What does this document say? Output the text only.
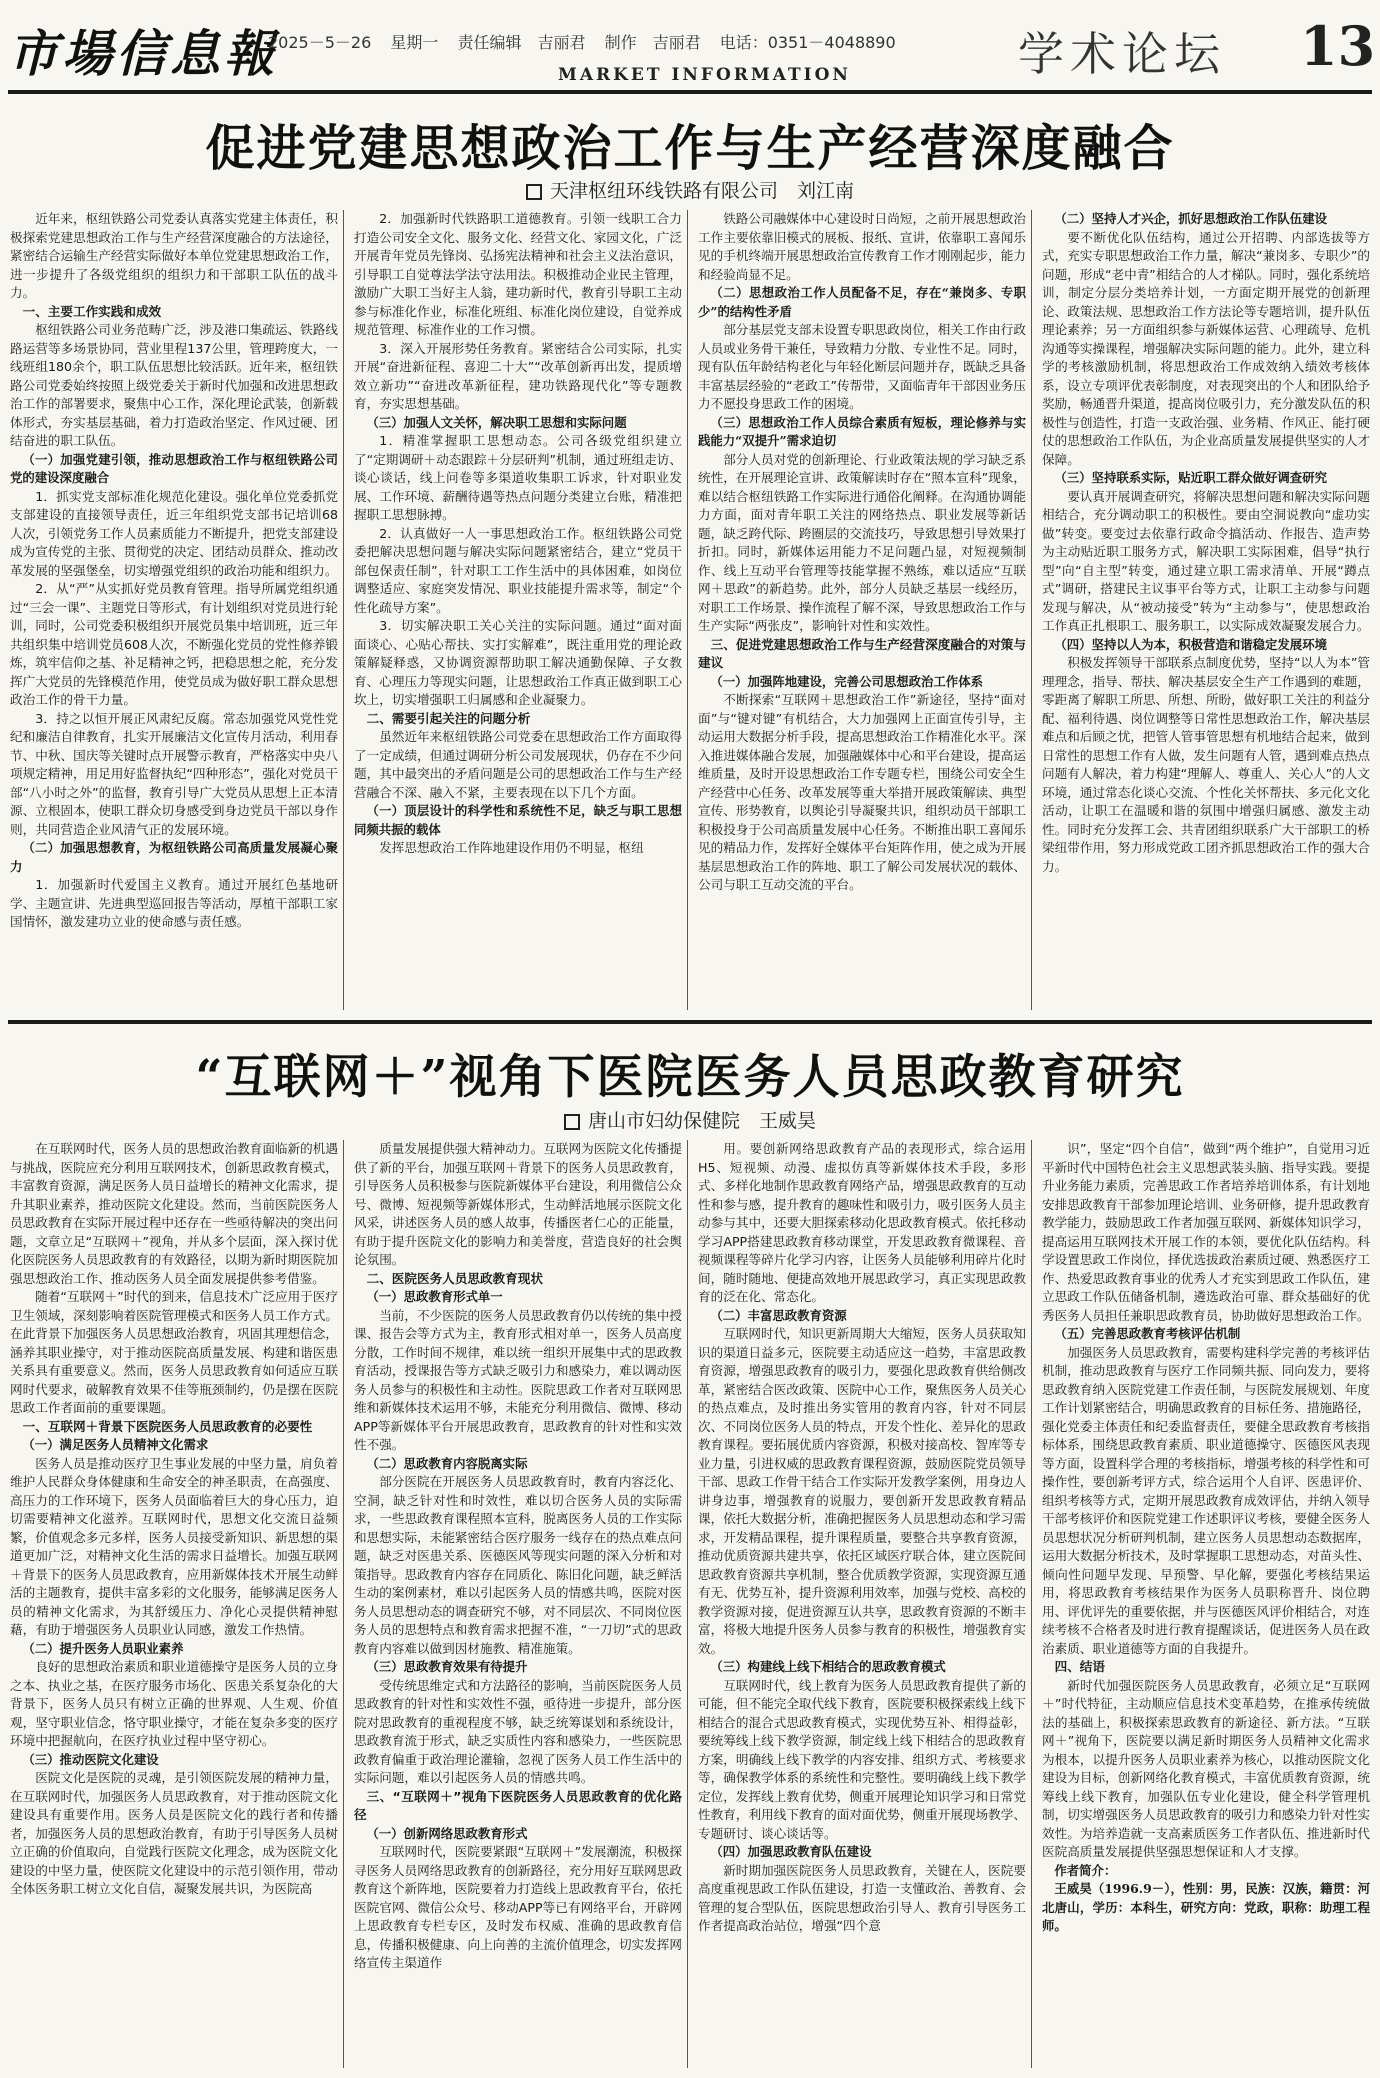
市場信息報
2025－5－26 星期一 责任编辑　吉丽君 制作　吉丽君 电话：0351－4048890
MARKET INFORMATION	学术论坛 13
促进党建思想政治工作与生产经营深度融合
天津枢纽环线铁路有限公司　刘江南

近年来，枢纽铁路公司党委认真落实党建主体责任，积极探索党建思想政治工作与生产经营深度融合的方法途径，紧密结合运输生产经营实际做好本单位党建思想政治工作，进一步提升了各级党组织的组织力和干部职工队伍的战斗力。

一、主要工作实践和成效

枢纽铁路公司业务范畴广泛，涉及港口集疏运、铁路线路运营等多场景协同，营业里程137公里，管理跨度大，一线班组180余个，职工队伍思想比较活跃。近年来，枢纽铁路公司党委始终按照上级党委关于新时代加强和改进思想政治工作的部署要求，聚焦中心工作，深化理论武装，创新载体形式，夯实基层基础，着力打造政治坚定、作风过硬、团结奋进的职工队伍。

（一）加强党建引领，推动思想政治工作与枢纽铁路公司党的建设深度融合

1．抓实党支部标准化规范化建设。强化单位党委抓党支部建设的直接领导责任，近三年组织党支部书记培训68人次，引领党务工作人员素质能力不断提升，把党支部建设成为宣传党的主张、贯彻党的决定、团结动员群众、推动改革发展的坚强堡垒，切实增强党组织的政治功能和组织力。

2．从“严”从实抓好党员教育管理。指导所属党组织通过“三会一课”、主题党日等形式，有计划组织对党员进行轮训，同时，公司党委积极组织开展党员集中培训班，近三年共组织集中培训党员608人次，不断强化党员的党性修养锻炼，筑牢信仰之基、补足精神之钙，把稳思想之舵，充分发挥广大党员的先锋模范作用，使党员成为做好职工群众思想政治工作的骨干力量。

3．持之以恒开展正风肃纪反腐。常态加强党风党性党纪和廉洁自律教育，扎实开展廉洁文化宣传月活动，利用春节、中秋、国庆等关键时点开展警示教育，严格落实中央八项规定精神，用足用好监督执纪“四种形态”，强化对党员干部“八小时之外”的监督，教育引导广大党员从思想上正本清源、立根固本，使职工群众切身感受到身边党员干部以身作则，共同营造企业风清气正的发展环境。

（二）加强思想教育，为枢纽铁路公司高质量发展凝心聚力

1．加强新时代爱国主义教育。通过开展红色基地研学、主题宣讲、先进典型巡回报告等活动，厚植干部职工家国情怀，激发建功立业的使命感与责任感。

2．加强新时代铁路职工道德教育。引领一线职工合力打造公司安全文化、服务文化、经营文化、家园文化，广泛开展青年党员先锋岗、弘扬宪法精神和社会主义法治意识，引导职工自觉尊法学法守法用法。积极推动企业民主管理，激励广大职工当好主人翁，建功新时代，教育引导职工主动参与标准化作业，标准化班组、标准化岗位建设，自觉养成规范管理、标准作业的工作习惯。

3．深入开展形势任务教育。紧密结合公司实际，扎实开展“奋进新征程、喜迎二十大”“改革创新再出发，提质增效立新功”“奋进改革新征程，建功铁路现代化”等专题教育，夯实思想基础。

（三）加强人文关怀，解决职工思想和实际问题

1．精准掌握职工思想动态。公司各级党组织建立了“定期调研＋动态跟踪＋分层研判”机制，通过班组走访、谈心谈话，线上问卷等多渠道收集职工诉求，针对职业发展、工作环境、薪酬待遇等热点问题分类建立台账，精准把握职工思想脉搏。

2．认真做好一人一事思想政治工作。枢纽铁路公司党委把解决思想问题与解决实际问题紧密结合，建立“党员干部包保责任制”，针对职工工作生活中的具体困难，如岗位调整适应、家庭突发情况、职业技能提升需求等，制定“个性化疏导方案”。

3．切实解决职工关心关注的实际问题。通过“面对面面谈心、心贴心帮扶、实打实解难”，既注重用党的理论政策解疑释惑，又协调资源帮助职工解决通勤保障、子女教育、心理压力等现实问题，让思想政治工作真正做到职工心坎上，切实增强职工归属感和企业凝聚力。

二、需要引起关注的问题分析

虽然近年来枢纽铁路公司党委在思想政治工作方面取得了一定成绩，但通过调研分析公司发展现状，仍存在不少问题，其中最突出的矛盾问题是公司的思想政治工作与生产经营融合不深、融入不紧，主要表现在以下几个方面。

（一）顶层设计的科学性和系统性不足，缺乏与职工思想同频共振的载体

发挥思想政治工作阵地建设作用仍不明显，枢纽

铁路公司融媒体中心建设时日尚短，之前开展思想政治工作主要依靠旧模式的展板、报纸、宣讲，依靠职工喜闻乐见的手机终端开展思想政治宣传教育工作才刚刚起步，能力和经验尚显不足。

（二）思想政治工作人员配备不足，存在“兼岗多、专职少”的结构性矛盾

部分基层党支部未设置专职思政岗位，相关工作由行政人员或业务骨干兼任，导致精力分散、专业性不足。同时，现有队伍年龄结构老化与年轻化断层问题并存，既缺乏具备丰富基层经验的“老政工”传帮带，又面临青年干部因业务压力不愿投身思政工作的困境。

（三）思想政治工作人员综合素质有短板，理论修养与实践能力“双提升”需求迫切

部分人员对党的创新理论、行业政策法规的学习缺乏系统性，在开展理论宣讲、政策解读时存在“照本宣科”现象，难以结合枢纽铁路工作实际进行通俗化阐释。在沟通协调能力方面，面对青年职工关注的网络热点、职业发展等新话题，缺乏跨代际、跨圈层的交流技巧，导致思想引导效果打折扣。同时，新媒体运用能力不足问题凸显，对短视频制作、线上互动平台管理等技能掌握不熟练，难以适应“互联网＋思政”的新趋势。此外，部分人员缺乏基层一线经历，对职工工作场景、操作流程了解不深，导致思想政治工作与生产实际“两张皮”，影响针对性和实效性。

三、促进党建思想政治工作与生产经营深度融合的对策与建议
（一）加强阵地建设，完善公司思想政治工作体系

不断探索“互联网＋思想政治工作”新途径，坚持“面对面”与“键对键”有机结合，大力加强网上正面宣传引导，主动运用大数据分析手段，提高思想政治工作精准化水平。深入推进媒体融合发展，加强融媒体中心和平台建设，提高运维质量，及时开设思想政治工作专题专栏，围绕公司安全生产经营中心任务、改革发展等重大举措开展政策解读、典型宣传、形势教育，以舆论引导凝聚共识，组织动员干部职工积极投身于公司高质量发展中心任务。不断推出职工喜闻乐见的精品力作，发挥好全媒体平台矩阵作用，使之成为开展基层思想政治工作的阵地、职工了解公司发展状况的载体、公司与职工互动交流的平台。

（二）坚持人才兴企，抓好思想政治工作队伍建设

要不断优化队伍结构，通过公开招聘、内部选拔等方式，充实专职思想政治工作力量，解决“兼岗多、专职少”的问题，形成“老中青”相结合的人才梯队。同时，强化系统培训，制定分层分类培养计划，一方面定期开展党的创新理论、政策法规、思想政治工作方法论等专题培训，提升队伍理论素养；另一方面组织参与新媒体运营、心理疏导、危机沟通等实操课程，增强解决实际问题的能力。此外，建立科学的考核激励机制，将思想政治工作成效纳入绩效考核体系，设立专项评优表彰制度，对表现突出的个人和团队给予奖励，畅通晋升渠道，提高岗位吸引力，充分激发队伍的积极性与创造性，打造一支政治强、业务精、作风正、能打硬仗的思想政治工作队伍，为企业高质量发展提供坚实的人才保障。

（三）坚持联系实际，贴近职工群众做好调查研究

要认真开展调查研究，将解决思想问题和解决实际问题相结合，充分调动职工的积极性。要由空洞说教向“虚功实做”转变。要变过去依靠行政命令搞活动、作报告、造声势为主动贴近职工服务方式，解决职工实际困难，倡导“执行型”向“自主型”转变，通过建立职工需求清单、开展“蹲点式”调研，搭建民主议事平台等方式，让职工主动参与问题发现与解决，从“被动接受”转为“主动参与”，使思想政治工作真正扎根职工、服务职工，以实际成效凝聚发展合力。

（四）坚持以人为本，积极营造和谐稳定发展环境

积极发挥领导干部联系点制度优势，坚持“以人为本”管理理念，指导、帮扶、解决基层安全生产工作遇到的难题，零距离了解职工所思、所想、所盼，做好职工关注的利益分配、福利待遇、岗位调整等日常性思想政治工作，解决基层难点和后顾之忧，把管人管事管思想有机地结合起来，做到日常性的思想工作有人做，发生问题有人管，遇到难点热点问题有人解决，着力构建“理解人、尊重人、关心人”的人文环境，通过常态化谈心交流、个性化关怀帮扶、多元化文化活动，让职工在温暖和谐的氛围中增强归属感、激发主动性。同时充分发挥工会、共青团组织联系广大干部职工的桥梁纽带作用，努力形成党政工团齐抓思想政治工作的强大合力。

“互联网＋”视角下医院医务人员思政教育研究
唐山市妇幼保健院　王威昊

在互联网时代，医务人员的思想政治教育面临新的机遇与挑战，医院应充分利用互联网技术，创新思政教育模式，丰富教育资源，满足医务人员日益增长的精神文化需求，提升其职业素养，推动医院文化建设。然而，当前医院医务人员思政教育在实际开展过程中还存在一些亟待解决的突出问题，文章立足“互联网＋”视角，并从多个层面，深入探讨优化医院医务人员思政教育的有效路径，以期为新时期医院加强思想政治工作、推动医务人员全面发展提供参考借鉴。

随着“互联网＋”时代的到来，信息技术广泛应用于医疗卫生领域，深刻影响着医院管理模式和医务人员工作方式。在此背景下加强医务人员思想政治教育，巩固其理想信念，涵养其职业操守，对于推动医院高质量发展、构建和谐医患关系具有重要意义。然而，医务人员思政教育如何适应互联网时代要求，破解教育效果不佳等瓶颈制约，仍是摆在医院思政工作者面前的重要课题。

一、互联网＋背景下医院医务人员思政教育的必要性
（一）满足医务人员精神文化需求

医务人员是推动医疗卫生事业发展的中坚力量，肩负着维护人民群众身体健康和生命安全的神圣职责，在高强度、高压力的工作环境下，医务人员面临着巨大的身心压力，迫切需要精神文化滋养。互联网时代，思想文化交流日益频繁，价值观念多元多样，医务人员接受新知识、新思想的渠道更加广泛，对精神文化生活的需求日益增长。加强互联网＋背景下的医务人员思政教育，应用新媒体技术开展生动鲜活的主题教育，提供丰富多彩的文化服务，能够满足医务人员的精神文化需求，为其舒缓压力、净化心灵提供精神慰藉，有助于增强医务人员职业认同感，激发工作热情。

（二）提升医务人员职业素养

良好的思想政治素质和职业道德操守是医务人员的立身之本、执业之基，在医疗服务市场化、医患关系复杂化的大背景下，医务人员只有树立正确的世界观、人生观、价值观，坚守职业信念，恪守职业操守，才能在复杂多变的医疗环境中把握航向，在医疗执业过程中坚守初心。

（三）推动医院文化建设

医院文化是医院的灵魂，是引领医院发展的精神力量，在互联网时代，加强医务人员思政教育，对于推动医院文化建设具有重要作用。医务人员是医院文化的践行者和传播者，加强医务人员的思想政治教育，有助于引导医务人员树立正确的价值取向，自觉践行医院文化理念，成为医院文化建设的中坚力量，使医院文化建设中的示范引领作用，带动全体医务职工树立文化自信，凝聚发展共识，为医院高

质量发展提供强大精神动力。互联网为医院文化传播提供了新的平台，加强互联网＋背景下的医务人员思政教育，引导医务人员积极参与医院新媒体平台建设，利用微信公众号、微博、短视频等新媒体形式，生动鲜活地展示医院文化风采，讲述医务人员的感人故事，传播医者仁心的正能量，有助于提升医院文化的影响力和美誉度，营造良好的社会舆论氛围。

二、医院医务人员思政教育现状
（一）思政教育形式单一

当前，不少医院的医务人员思政教育仍以传统的集中授课、报告会等方式为主，教育形式相对单一，医务人员高度分散，工作时间不规律，难以统一组织开展集中式的思政教育活动，授课报告等方式缺乏吸引力和感染力，难以调动医务人员参与的积极性和主动性。医院思政工作者对互联网思维和新媒体技术运用不够，未能充分利用微信、微博、移动APP等新媒体平台开展思政教育，思政教育的针对性和实效性不强。

（二）思政教育内容脱离实际

部分医院在开展医务人员思政教育时，教育内容泛化、空洞，缺乏针对性和时效性，难以切合医务人员的实际需求，一些思政教育课程照本宣科，脱离医务人员的工作实际和思想实际，未能紧密结合医疗服务一线存在的热点难点问题，缺乏对医患关系、医德医风等现实问题的深入分析和对策指导。思政教育内容存在同质化、陈旧化问题，缺乏鲜活生动的案例素材，难以引起医务人员的情感共鸣，医院对医务人员思想动态的调查研究不够，对不同层次、不同岗位医务人员的思想特点和教育需求把握不准，“一刀切”式的思政教育内容难以做到因材施教、精准施策。

（三）思政教育效果有待提升

受传统思维定式和方法路径的影响，当前医院医务人员思政教育的针对性和实效性不强，亟待进一步提升，部分医院对思政教育的重视程度不够，缺乏统筹谋划和系统设计，思政教育流于形式，缺乏实质性内容和感染力，一些医院思政教育偏重于政治理论灌输，忽视了医务人员工作生活中的实际问题，难以引起医务人员的情感共鸣。

三、“互联网＋”视角下医院医务人员思政教育的优化路径
（一）创新网络思政教育形式

互联网时代，医院要紧跟“互联网＋”发展潮流，积极探寻医务人员网络思政教育的创新路径，充分用好互联网思政教育这个新阵地，医院要着力打造线上思政教育平台，依托医院官网、微信公众号、移动APP等已有网络平台，开辟网上思政教育专栏专区，及时发布权威、准确的思政教育信息，传播积极健康、向上向善的主流价值理念，切实发挥网络宣传主渠道作

用。要创新网络思政教育产品的表现形式，综合运用H5、短视频、动漫、虚拟仿真等新媒体技术手段，多形式、多样化地制作思政教育网络产品，增强思政教育的互动性和参与感，提升教育的趣味性和吸引力，吸引医务人员主动参与其中，还要大胆探索移动化思政教育模式。依托移动学习APP搭建思政教育移动课堂，开发思政教育微课程、音视频课程等碎片化学习内容，让医务人员能够利用碎片化时间，随时随地、便捷高效地开展思政学习，真正实现思政教育的泛在化、常态化。

（二）丰富思政教育资源

互联网时代，知识更新周期大大缩短，医务人员获取知识的渠道日益多元，医院要主动适应这一趋势，丰富思政教育资源，增强思政教育的吸引力，要强化思政教育供给侧改革，紧密结合医改政策、医院中心工作，聚焦医务人员关心的热点难点，及时推出务实管用的教育内容，针对不同层次、不同岗位医务人员的特点，开发个性化、差异化的思政教育课程。要拓展优质内容资源，积极对接高校、智库等专业力量，引进权威的思政教育课程资源，鼓励医院党员领导干部、思政工作骨干结合工作实际开发教学案例，用身边人讲身边事，增强教育的说服力，要创新开发思政教育精品课，依托大数据分析，准确把握医务人员思想动态和学习需求，开发精品课程，提升课程质量，要整合共享教育资源，推动优质资源共建共享，依托区域医疗联合体，建立医院间思政教育资源共享机制，整合优质教学资源，实现资源互通有无、优势互补，提升资源利用效率，加强与党校、高校的教学资源对接，促进资源互认共享，思政教育资源的不断丰富，将极大地提升医务人员参与教育的积极性，增强教育实效。

（三）构建线上线下相结合的思政教育模式

互联网时代，线上教育为医务人员思政教育提供了新的可能，但不能完全取代线下教育，医院要积极探索线上线下相结合的混合式思政教育模式，实现优势互补、相得益彰，要统筹线上线下教学资源，制定线上线下相结合的思政教育方案，明确线上线下教学的内容安排、组织方式、考核要求等，确保教学体系的系统性和完整性。要明确线上线下教学定位，发挥线上教育优势，侧重开展理论知识学习和日常党性教育，利用线下教育的面对面优势，侧重开展现场教学、专题研讨、谈心谈话等。

（四）加强思政教育队伍建设

新时期加强医院医务人员思政教育，关键在人，医院要高度重视思政工作队伍建设，打造一支懂政治、善教育、会管理的复合型队伍，医院思想政治引导人、教育引导医务工作者提高政治站位，增强“四个意

识”，坚定“四个自信”，做到“两个维护”，自觉用习近平新时代中国特色社会主义思想武装头脑、指导实践。要提升业务能力素质，完善思政工作者培养培训体系，有计划地安排思政教育干部参加理论培训、业务研修，提升思政教育教学能力，鼓励思政工作者加强互联网、新媒体知识学习，提高运用互联网技术开展工作的本领，要优化队伍结构。科学设置思政工作岗位，择优选拔政治素质过硬、熟悉医疗工作、热爱思政教育事业的优秀人才充实到思政工作队伍，建立思政工作队伍储备机制，遴选政治可靠、群众基础好的优秀医务人员担任兼职思政教育员，协助做好思想政治工作。

（五）完善思政教育考核评估机制

加强医务人员思政教育，需要构建科学完善的考核评估机制，推动思政教育与医疗工作同频共振、同向发力，要将思政教育纳入医院党建工作责任制，与医院发展规划、年度工作计划紧密结合，明确思政教育的目标任务、措施路径，强化党委主体责任和纪委监督责任，要健全思政教育考核指标体系，围绕思政教育素质、职业道德操守、医德医风表现等方面，设置科学合理的考核指标，增强考核的科学性和可操作性，要创新考评方式，综合运用个人自评、医患评价、组织考核等方式，定期开展思政教育成效评估，并纳入领导干部考核评价和医院党建工作述职评议考核，要健全医务人员思想状况分析研判机制，建立医务人员思想动态数据库，运用大数据分析技术，及时掌握职工思想动态，对苗头性、倾向性问题早发现、早预警、早化解，要强化考核结果运用，将思政教育考核结果作为医务人员职称晋升、岗位聘用、评优评先的重要依据，并与医德医风评价相结合，对连续考核不合格者及时进行教育提醒谈话，促进医务人员在政治素质、职业道德等方面的自我提升。

四、结语

新时代加强医院医务人员思政教育，必须立足“互联网＋”时代特征，主动顺应信息技术变革趋势，在推承传统做法的基础上，积极探索思政教育的新途径、新方法。“互联网＋”视角下，医院要以满足新时期医务人员精神文化需求为根本，以提升医务人员职业素养为核心，以推动医院文化建设为目标，创新网络化教育模式，丰富优质教育资源，统筹线上线下教育，加强队伍专业化建设，健全科学管理机制，切实增强医务人员思政教育的吸引力和感染力针对性实效性。为培养造就一支高素质医务工作者队伍、推进新时代医院高质量发展提供坚强思想保证和人才支撑。

作者简介：
王威昊（1996.9－），性别：男，民族：汉族，籍贯：河北唐山，学历：本科生，研究方向：党政，职称：助理工程师。
